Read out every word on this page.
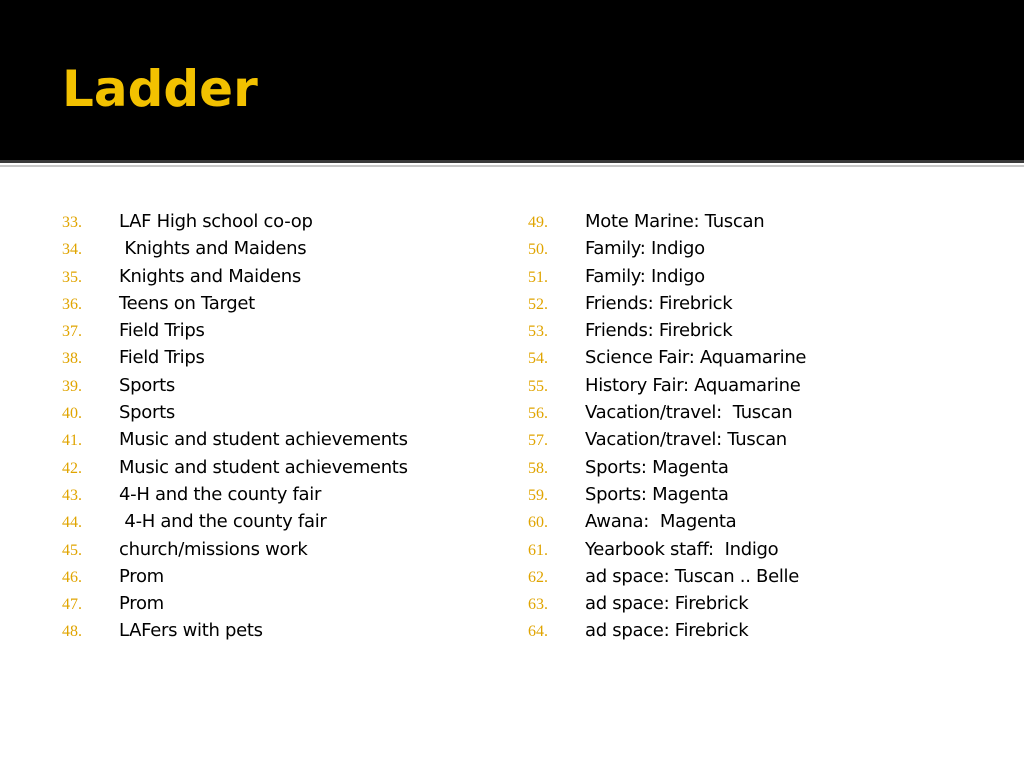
Ladder
33. LAF High school co-op
34. Knights and Maidens
35. Knights and Maidens
36. Teens on Target
37. Field Trips
38. Field Trips
39. Sports
40. Sports
41. Music and student achievements
42. Music and student achievements
43. 4-H and the county fair
44. 4-H and the county fair
45. church/missions work
46. Prom
47. Prom
48. LAFers with pets
49. Mote Marine: Tuscan
50. Family: Indigo
51. Family: Indigo
52. Friends: Firebrick
53. Friends: Firebrick
54. Science Fair: Aquamarine
55. History Fair: Aquamarine
56. Vacation/travel:  Tuscan
57. Vacation/travel: Tuscan
58. Sports: Magenta
59. Sports: Magenta
60. Awana:  Magenta
61. Yearbook staff:  Indigo
62. ad space: Tuscan .. Belle
63. ad space: Firebrick
64. ad space: Firebrick
